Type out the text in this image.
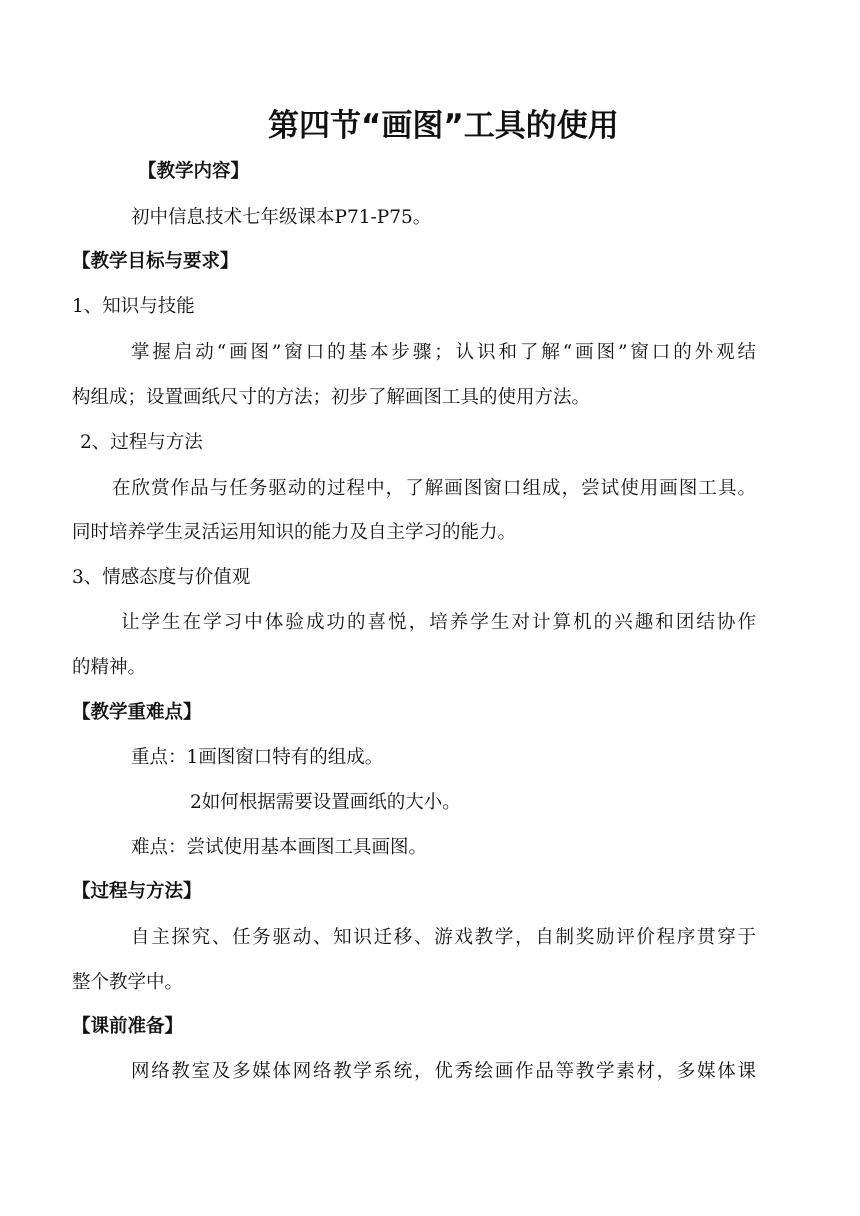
第四节“画图”工具的使用
【教学内容】
初中信息技术七年级课本P71-P75。
【教学目标与要求】
1、知识与技能
掌握启动“画图”窗口的基本步骤；认识和了解“画图”窗口的外观结
构组成；设置画纸尺寸的方法；初步了解画图工具的使用方法。
2、过程与方法
在欣赏作品与任务驱动的过程中，了解画图窗口组成，尝试使用画图工具。
同时培养学生灵活运用知识的能力及自主学习的能力。
3、情感态度与价值观
让学生在学习中体验成功的喜悦，培养学生对计算机的兴趣和团结协作
的精神。
【教学重难点】
重点：1画图窗口特有的组成。
2如何根据需要设置画纸的大小。
难点：尝试使用基本画图工具画图。
【过程与方法】
自主探究、任务驱动、知识迁移、游戏教学，自制奖励评价程序贯穿于
整个教学中。
【课前准备】
网络教室及多媒体网络教学系统，优秀绘画作品等教学素材，多媒体课
